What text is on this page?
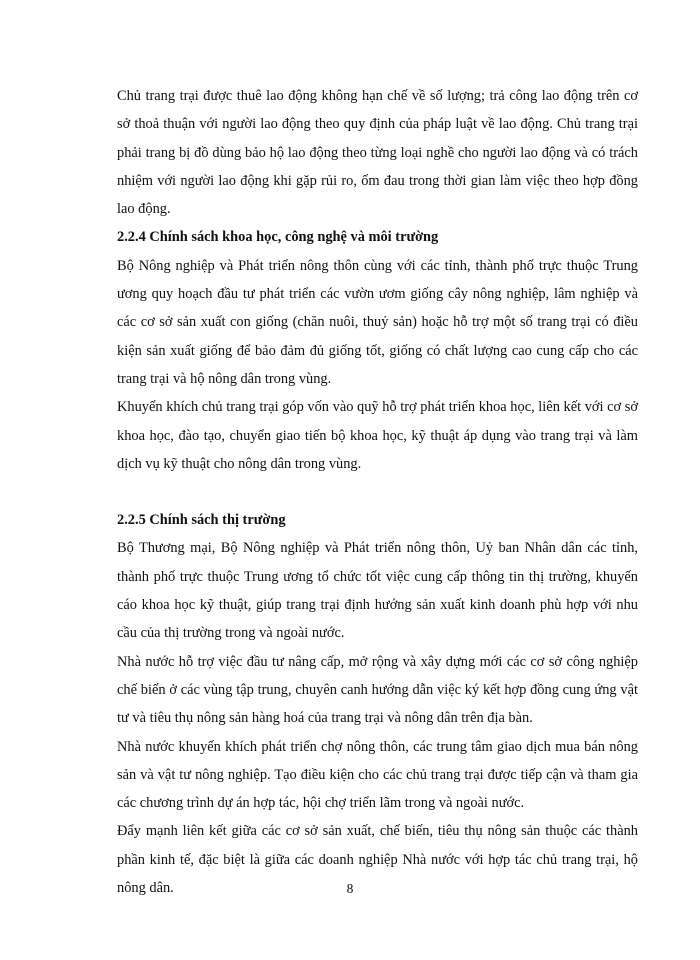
Chủ trang trại được thuê lao động không hạn chế về số lượng; trả công lao động trên cơ sở thoả thuận với người lao động theo quy định của pháp luật về lao động. Chủ trang trại phải trang bị đồ dùng bảo hộ lao động theo từng loại nghề cho người lao động và có trách nhiệm với người lao động khi gặp rủi ro, ốm đau trong thời gian làm việc theo hợp đồng lao động.

2.2.4 Chính sách khoa học, công nghệ và môi trường

Bộ Nông nghiệp và Phát triển nông thôn cùng với các tỉnh, thành phố trực thuộc Trung ương quy hoạch đầu tư phát triển các vườn ươm giống cây nông nghiệp, lâm nghiệp và các cơ sở sản xuất con giống (chăn nuôi, thuỷ sản) hoặc hỗ trợ một số trang trại có điều kiện sản xuất giống để bảo đảm đủ giống tốt, giống có chất lượng cao cung cấp cho các trang trại và hộ nông dân trong vùng.

Khuyến khích chủ trang trại góp vốn vào quỹ hỗ trợ phát triển khoa học, liên kết với cơ sở khoa học, đào tạo, chuyển giao tiến bộ khoa học, kỹ thuật áp dụng vào trang trại và làm dịch vụ kỹ thuật cho nông dân trong vùng.

2.2.5 Chính sách thị trường

Bộ Thương mại, Bộ Nông nghiệp và Phát triển nông thôn, Uỷ ban Nhân dân các tỉnh, thành phố trực thuộc Trung ương tổ chức tốt việc cung cấp thông tin thị trường, khuyến cáo khoa học kỹ thuật, giúp trang trại định hướng sản xuất kinh doanh phù hợp với nhu cầu của thị trường trong và ngoài nước.

Nhà nước hỗ trợ việc đầu tư nâng cấp, mở rộng và xây dựng mới các cơ sở công nghiệp chế biến ở các vùng tập trung, chuyên canh hướng dẫn việc ký kết hợp đồng cung ứng vật tư và tiêu thụ nông sản hàng hoá của trang trại và nông dân trên địa bàn.

Nhà nước khuyến khích phát triển chợ nông thôn, các trung tâm giao dịch mua bán nông sản và vật tư nông nghiệp. Tạo điều kiện cho các chủ trang trại được tiếp cận và tham gia các chương trình dự án hợp tác, hội chợ triển lãm trong và ngoài nước.

Đẩy mạnh liên kết giữa các cơ sở sản xuất, chế biến, tiêu thụ nông sản thuộc các thành phần kinh tế, đặc biệt là giữa các doanh nghiệp Nhà nước với hợp tác chủ trang trại, hộ nông dân.	8
